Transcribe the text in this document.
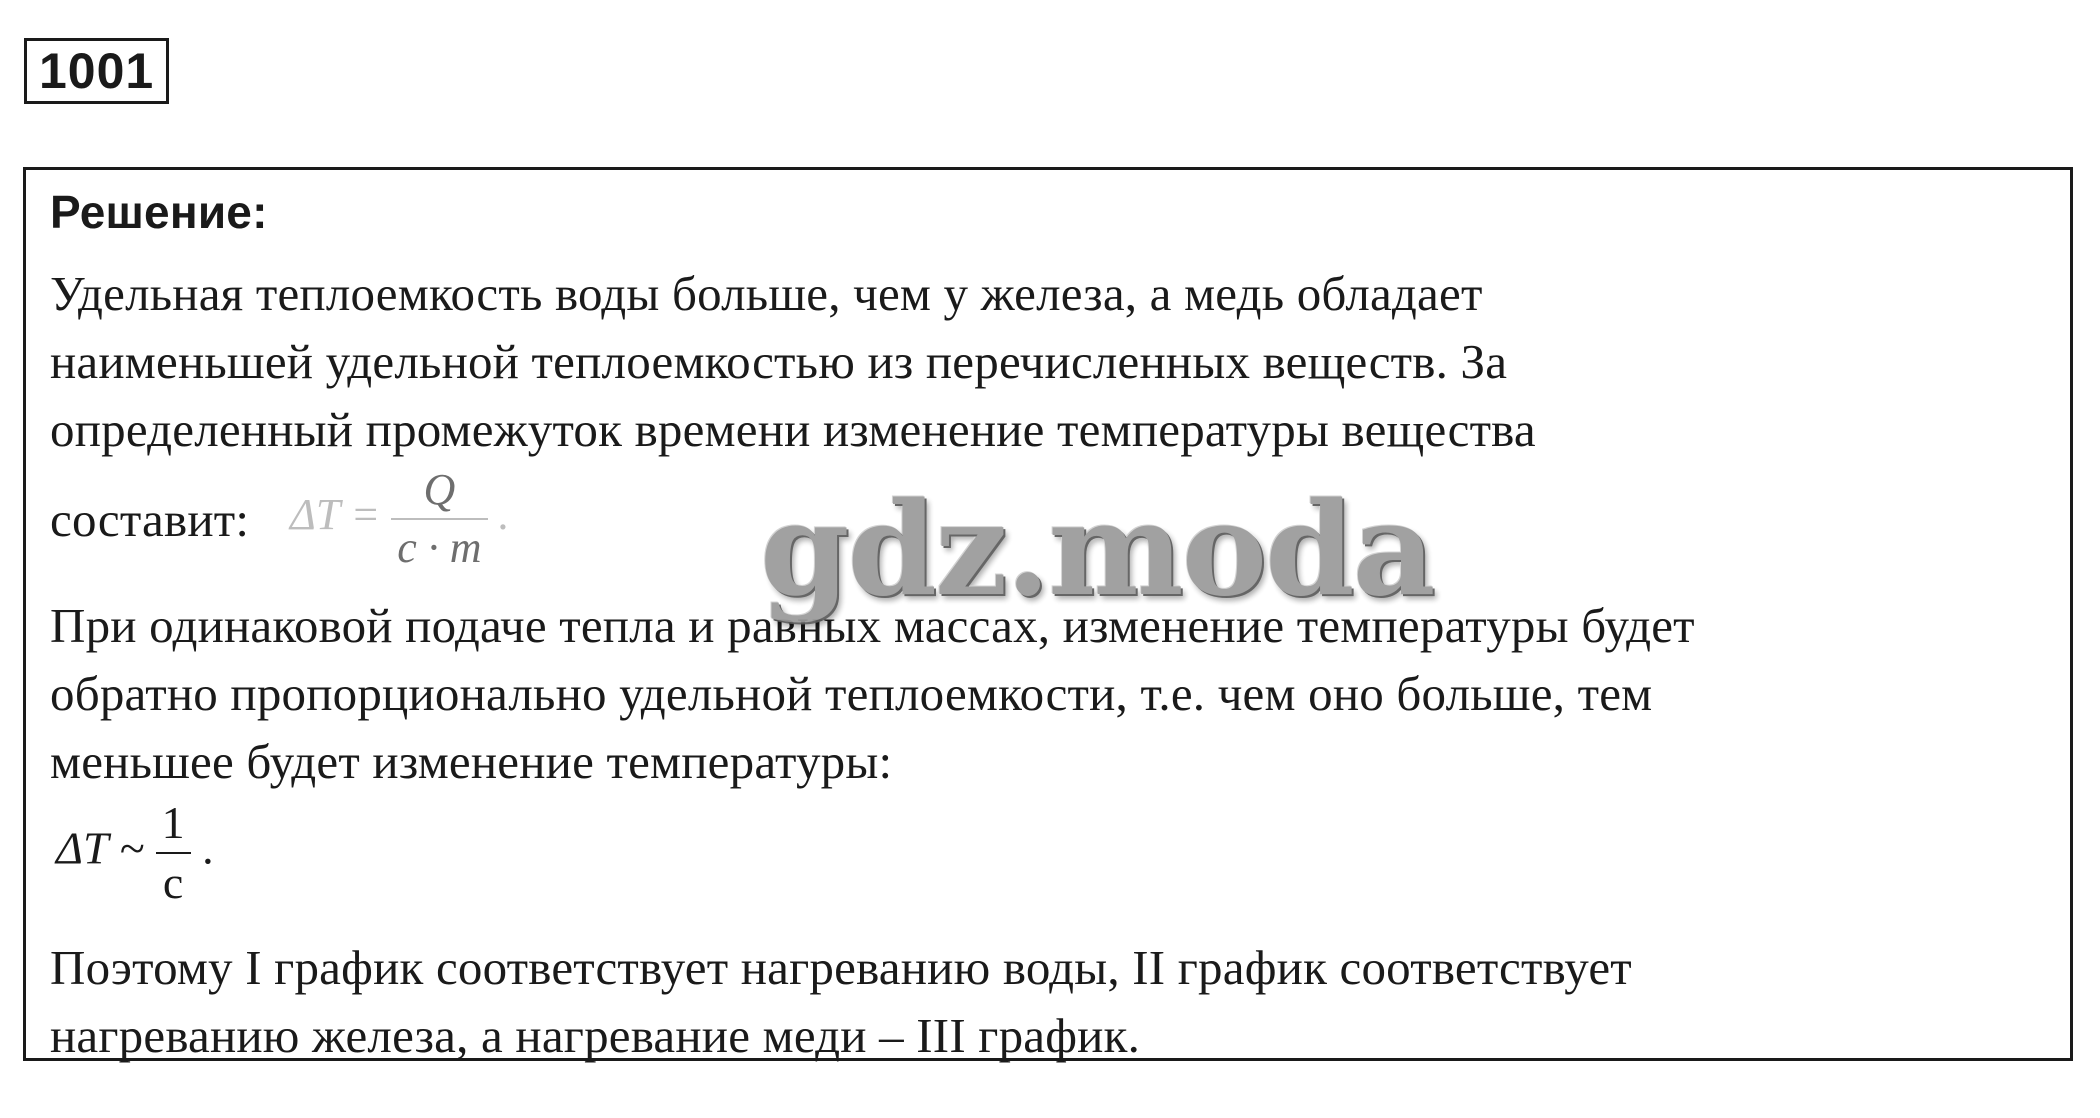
1001
Решение:
Удельная теплоемкость воды больше, чем у железа, а медь обладает
наименьшей удельной теплоемкостью из перечисленных веществ. За
определенный промежуток времени изменение температуры вещества
составит: $\Delta T = \frac{Q}{c \cdot m}$ .
При одинаковой подаче тепла и равных массах, изменение температуры будет
обратно пропорционально удельной теплоемкости, т.е. чем оно больше, тем
меньшее будет изменение температуры:
ΔT ~ $\frac{1}{c}$ .
Поэтому I график соответствует нагреванию воды, II график соответствует
нагреванию железа, а нагревание меди – III график.
gdz.moda
